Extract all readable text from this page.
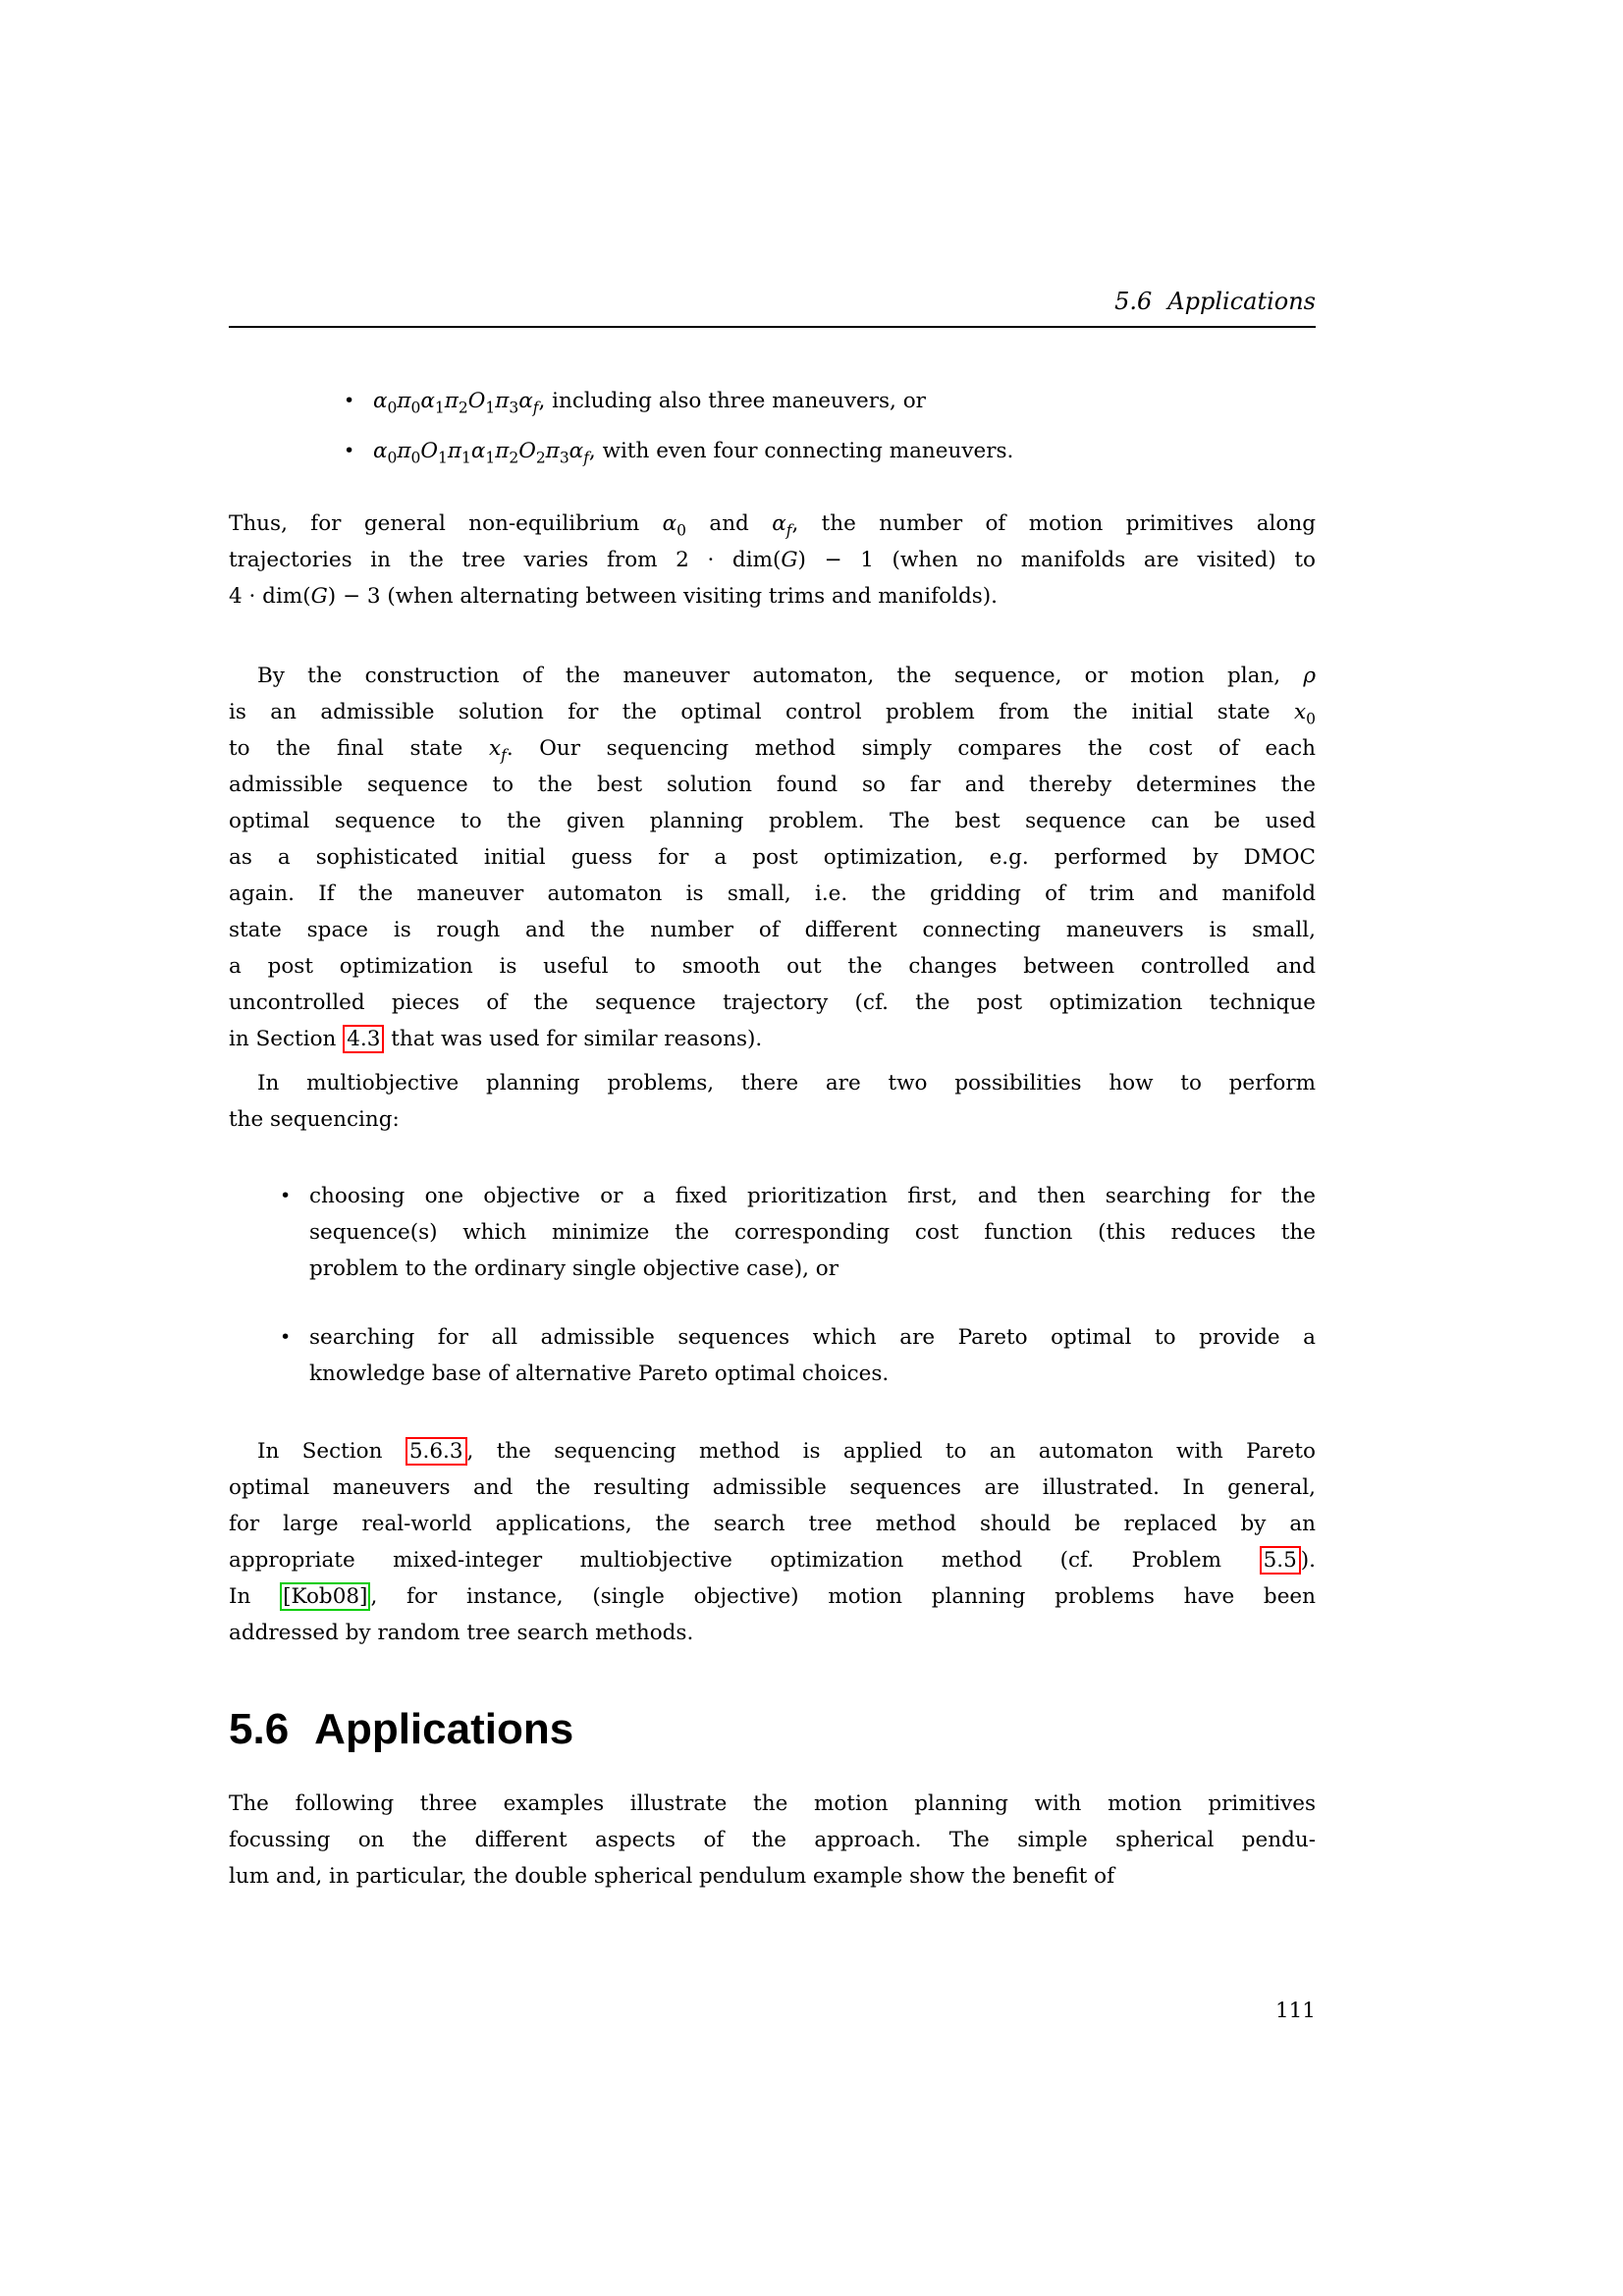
5.6 Applications
• $\alpha_0\pi_0\alpha_1\pi_2O_1\pi_3\alpha_f$, including also three maneuvers, or
• $\alpha_0\pi_0O_1\pi_1\alpha_1\pi_2O_2\pi_3\alpha_f$, with even four connecting maneuvers.
Thus, for general non-equilibrium $\alpha_0$ and $\alpha_f$, the number of motion primitives along
trajectories in the tree varies from 2 · dim(G) − 1 (when no manifolds are visited) to
4 · dim(G) − 3 (when alternating between visiting trims and manifolds).
By the construction of the maneuver automaton, the sequence, or motion plan, ρ
is an admissible solution for the optimal control problem from the initial state $x_0$
to the final state $x_f$. Our sequencing method simply compares the cost of each
admissible sequence to the best solution found so far and thereby determines the
optimal sequence to the given planning problem. The best sequence can be used
as a sophisticated initial guess for a post optimization, e.g. performed by DMOC
again. If the maneuver automaton is small, i.e. the gridding of trim and manifold
state space is rough and the number of different connecting maneuvers is small,
a post optimization is useful to smooth out the changes between controlled and
uncontrolled pieces of the sequence trajectory (cf. the post optimization technique
in Section 4.3 that was used for similar reasons).
In multiobjective planning problems, there are two possibilities how to perform
the sequencing:
• choosing one objective or a fixed prioritization first, and then searching for the
sequence(s) which minimize the corresponding cost function (this reduces the
problem to the ordinary single objective case), or
• searching for all admissible sequences which are Pareto optimal to provide a
knowledge base of alternative Pareto optimal choices.
In Section 5.6.3 , the sequencing method is applied to an automaton with Pareto
optimal maneuvers and the resulting admissible sequences are illustrated. In general,
for large real-world applications, the search tree method should be replaced by an
appropriate mixed-integer multiobjective optimization method (cf. Problem 5.5 ).
In [Kob08] , for instance, (single objective) motion planning problems have been
addressed by random tree search methods.
5.6 Applications
The following three examples illustrate the motion planning with motion primitives
focussing on the different aspects of the approach. The simple spherical pendu-
lum and, in particular, the double spherical pendulum example show the benefit of
111
